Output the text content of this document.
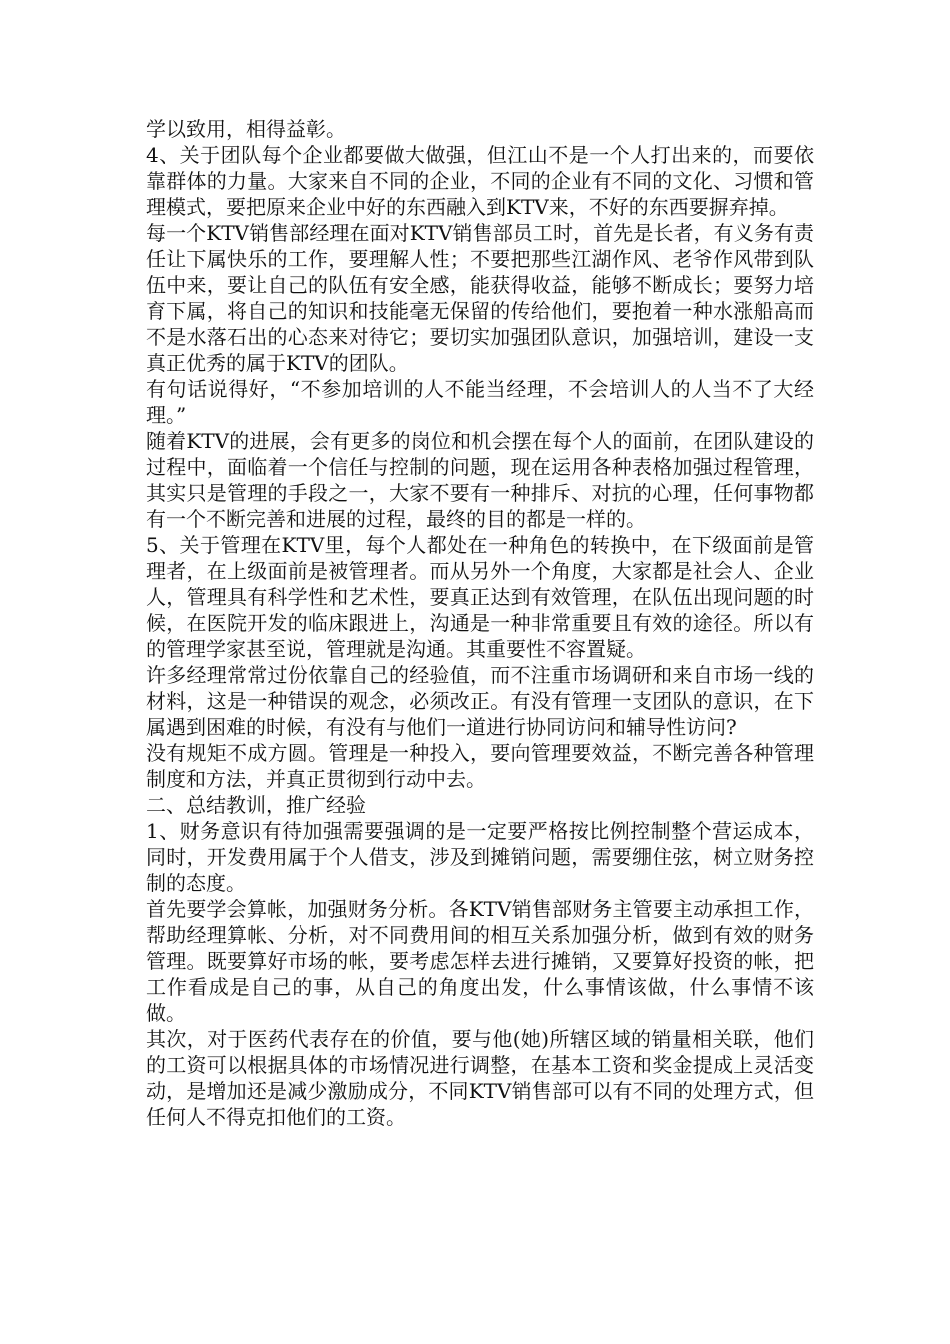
学以致用，相得益彰。

4、关于团队每个企业都要做大做强，但江山不是一个人打出来的，而要依靠群体的力量。大家来自不同的企业，不同的企业有不同的文化、习惯和管理模式，要把原来企业中好的东西融入到KTV来，不好的东西要摒弃掉。

每一个KTV销售部经理在面对KTV销售部员工时，首先是长者，有义务有责任让下属快乐的工作，要理解人性；不要把那些江湖作风、老爷作风带到队伍中来，要让自己的队伍有安全感，能获得收益，能够不断成长；要努力培育下属，将自己的知识和技能毫无保留的传给他们，要抱着一种水涨船高而不是水落石出的心态来对待它；要切实加强团队意识，加强培训，建设一支真正优秀的属于KTV的团队。

有句话说得好，“不参加培训的人不能当经理，不会培训人的人当不了大经理。”

随着KTV的进展，会有更多的岗位和机会摆在每个人的面前，在团队建设的过程中，面临着一个信任与控制的问题，现在运用各种表格加强过程管理，其实只是管理的手段之一，大家不要有一种排斥、对抗的心理，任何事物都有一个不断完善和进展的过程，最终的目的都是一样的。

5、关于管理在KTV里，每个人都处在一种角色的转换中，在下级面前是管理者，在上级面前是被管理者。而从另外一个角度，大家都是社会人、企业人，管理具有科学性和艺术性，要真正达到有效管理，在队伍出现问题的时候，在医院开发的临床跟进上，沟通是一种非常重要且有效的途径。所以有的管理学家甚至说，管理就是沟通。其重要性不容置疑。

许多经理常常过份依靠自己的经验值，而不注重市场调研和来自市场一线的材料，这是一种错误的观念，必须改正。有没有管理一支团队的意识，在下属遇到困难的时候，有没有与他们一道进行协同访问和辅导性访问?

没有规矩不成方圆。管理是一种投入，要向管理要效益，不断完善各种管理制度和方法，并真正贯彻到行动中去。

二、总结教训，推广经验

1、财务意识有待加强需要强调的是一定要严格按比例控制整个营运成本，同时，开发费用属于个人借支，涉及到摊销问题，需要绷住弦，树立财务控制的态度。

首先要学会算帐，加强财务分析。各KTV销售部财务主管要主动承担工作，帮助经理算帐、分析，对不同费用间的相互关系加强分析，做到有效的财务管理。既要算好市场的帐，要考虑怎样去进行摊销，又要算好投资的帐，把工作看成是自己的事，从自己的角度出发，什么事情该做，什么事情不该做。

其次，对于医药代表存在的价值，要与他(她)所辖区域的销量相关联，他们的工资可以根据具体的市场情况进行调整，在基本工资和奖金提成上灵活变动，是增加还是减少激励成分，不同KTV销售部可以有不同的处理方式，但任何人不得克扣他们的工资。
